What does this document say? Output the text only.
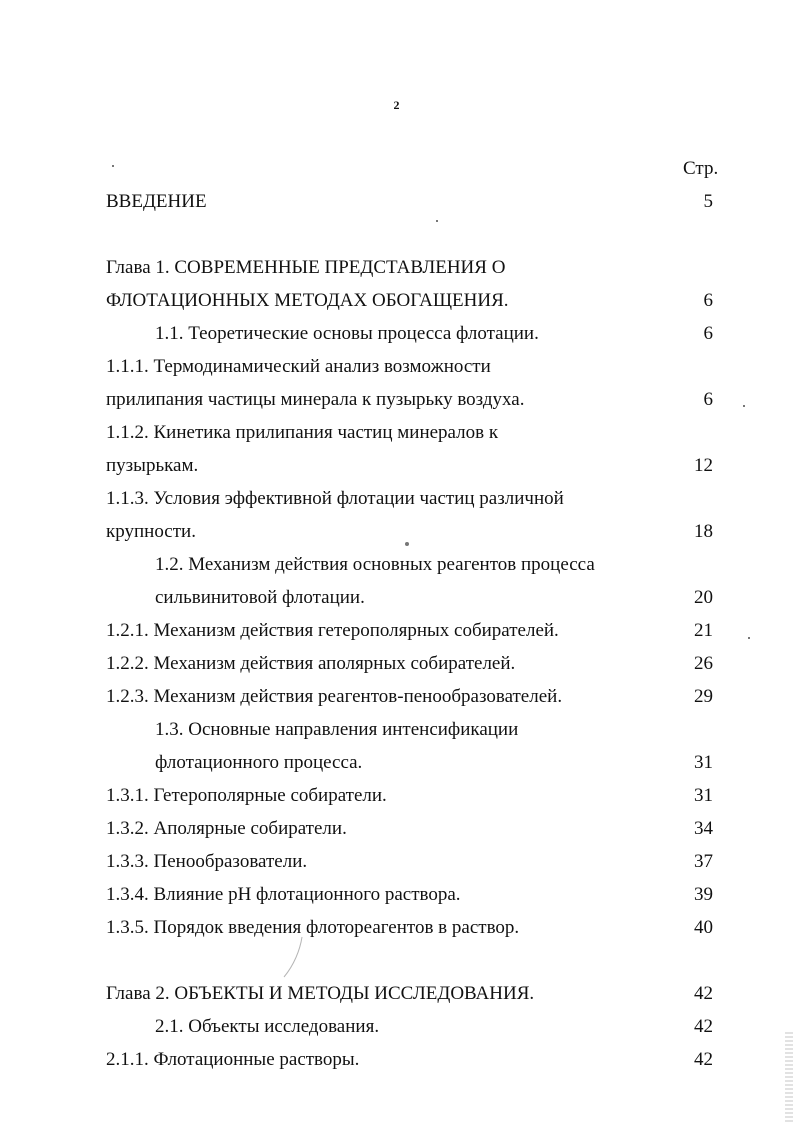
2
Стр.
ВВЕДЕНИЕ	5
Глава 1. СОВРЕМЕННЫЕ ПРЕДСТАВЛЕНИЯ О
ФЛОТАЦИОННЫХ МЕТОДАХ ОБОГАЩЕНИЯ.	6
1.1. Теоретические основы процесса флотации.	6
1.1.1. Термодинамический анализ возможности
прилипания частицы минерала к пузырьку воздуха.	6
1.1.2. Кинетика прилипания частиц минералов к
пузырькам.	12
1.1.3. Условия эффективной флотации частиц различной
крупности.	18
1.2. Механизм действия основных реагентов процесса
сильвинитовой флотации.	20
1.2.1. Механизм действия гетерополярных собирателей.	21
1.2.2. Механизм действия аполярных собирателей.	26
1.2.3. Механизм действия реагентов-пенообразователей.	29
1.3. Основные направления интенсификации
флотационного процесса.	31
1.3.1. Гетерополярные собиратели.	31
1.3.2. Аполярные собиратели.	34
1.3.3. Пенообразователи.	37
1.3.4. Влияние pH флотационного раствора.	39
1.3.5. Порядок введения флотореагентов в раствор.	40
Глава 2. ОБЪЕКТЫ И МЕТОДЫ ИССЛЕДОВАНИЯ.	42
2.1. Объекты исследования.	42
2.1.1. Флотационные растворы.	42
